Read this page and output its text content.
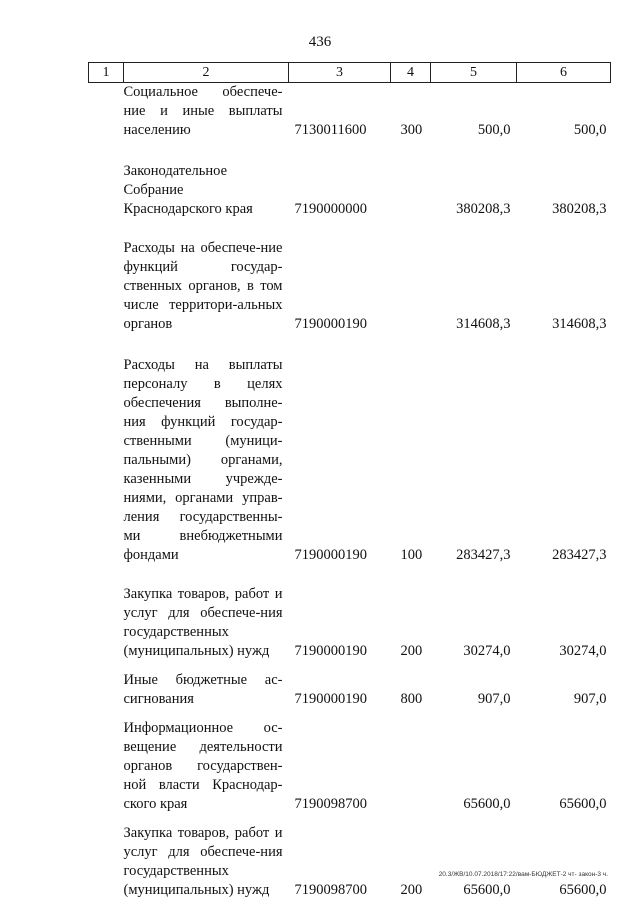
436
1	2	3	4	5	6
	Социальное обеспече-ние и иные выплаты населению	7130011600	300	500,0	500,0
	Законодательное Собрание Краснодарского края	7190000000		380208,3	380208,3
	Расходы на обеспече-ние функций государ-ственных органов, в том числе территори-альных органов	7190000190		314608,3	314608,3
	Расходы на выплаты персоналу в целях обеспечения выполне-ния функций государ-ственными (муници-пальными) органами, казенными учрежде-ниями, органами управ-ления государственны-ми внебюджетными фондами	7190000190	100	283427,3	283427,3
	Закупка товаров, работ и услуг для обеспече-ния государственных (муниципальных) нужд	7190000190	200	30274,0	30274,0
	Иные бюджетные ас-сигнования	7190000190	800	907,0	907,0
	Информационное ос-вещение деятельности органов государствен-ной власти Краснодар-ского края	7190098700		65600,0	65600,0
	Закупка товаров, работ и услуг для обеспече-ния государственных (муниципальных) нужд	7190098700	200	65600,0	65600,0
20.3/ЖВ/10.07.2018/17:22/вам-БЮДЖЕТ-2 чт- закон-3 ч.
